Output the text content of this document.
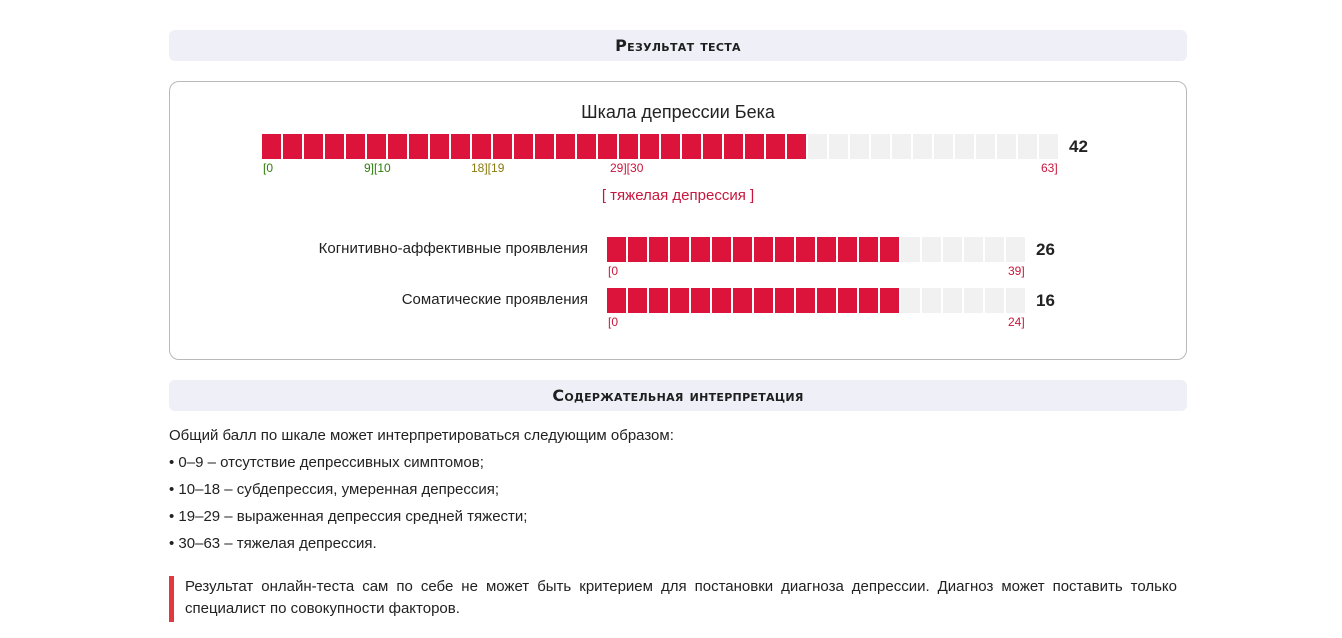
Результат теста
Шкала депрессии Бека
42
[0	9][10	18][19	29][30	63]
[ тяжелая депрессия ]
Когнитивно-аффективные проявления	26
[0	39]
Соматические проявления	16
[0	24]
Содержательная интерпретация

Общий балл по шкале может интерпретироваться следующим образом:

• 0–9 – отсутствие депрессивных симптомов;

• 10–18 – субдепрессия, умеренная депрессия;

• 19–29 – выраженная депрессия средней тяжести;

• 30–63 – тяжелая депрессия.

Результат онлайн-теста сам по себе не может быть критерием для постановки диагноза депрессии. Диагноз может поставить только специалист по совокупности факторов.
